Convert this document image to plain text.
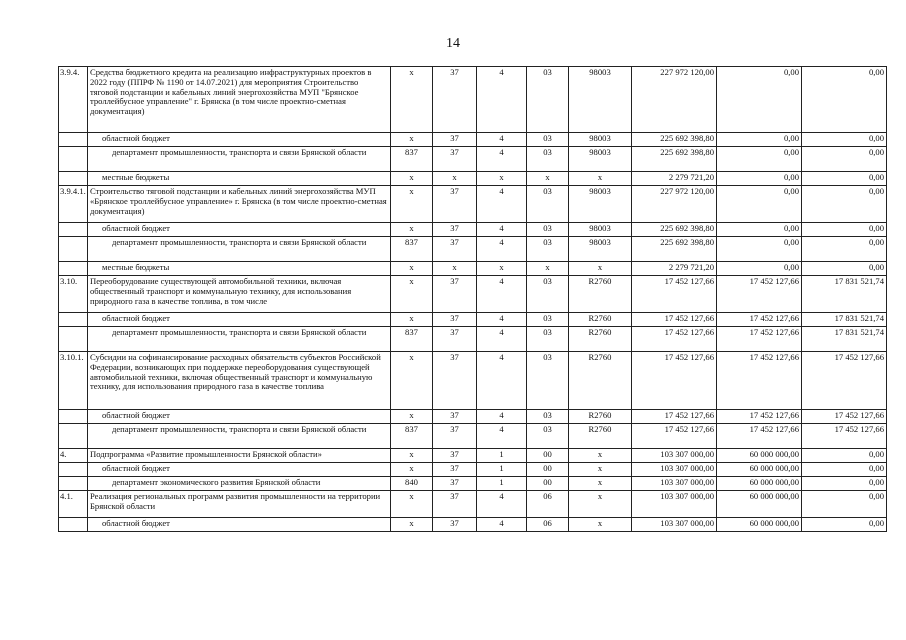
14
3.9.4.	Средства бюджетного кредита на реализацию инфраструктурных проектов в 2022 году (ППРФ № 1190 от 14.07.2021) для мероприятия Строительство тяговой подстанции и кабельных линий энергохозяйства МУП "Брянское троллейбусное управление" г. Брянска (в том числе проектно-сметная документация)	х	37	4	03	98003	227 972 120,00	0,00	0,00
	областной бюджет	х	37	4	03	98003	225 692 398,80	0,00	0,00
	департамент промышленности, транспорта и связи Брянской области	837	37	4	03	98003	225 692 398,80	0,00	0,00
	местные бюджеты	х	х	х	х	х	2 279 721,20	0,00	0,00
3.9.4.1.	Строительство тяговой подстанции и кабельных линий энергохозяйства МУП «Брянское троллейбусное управление» г. Брянска (в том числе проектно-сметная документация)	х	37	4	03	98003	227 972 120,00	0,00	0,00
	областной бюджет	х	37	4	03	98003	225 692 398,80	0,00	0,00
	департамент промышленности, транспорта и связи Брянской области	837	37	4	03	98003	225 692 398,80	0,00	0,00
	местные бюджеты	х	х	х	х	х	2 279 721,20	0,00	0,00
3.10.	Переоборудование существующей автомобильной техники, включая общественный транспорт и коммунальную технику, для использования природного газа в качестве топлива, в том числе	х	37	4	03	R2760	17 452 127,66	17 452 127,66	17 831 521,74
	областной бюджет	х	37	4	03	R2760	17 452 127,66	17 452 127,66	17 831 521,74
	департамент промышленности, транспорта и связи Брянской области	837	37	4	03	R2760	17 452 127,66	17 452 127,66	17 831 521,74
3.10.1.	Субсидии на софинансирование расходных обязательств субъектов Российской Федерации, возникающих при поддержке переоборудования существующей автомобильной техники, включая общественный транспорт и коммунальную технику, для использования природного газа в качестве топлива	х	37	4	03	R2760	17 452 127,66	17 452 127,66	17 452 127,66
	областной бюджет	х	37	4	03	R2760	17 452 127,66	17 452 127,66	17 452 127,66
	департамент промышленности, транспорта и связи Брянской области	837	37	4	03	R2760	17 452 127,66	17 452 127,66	17 452 127,66
4.	Подпрограмма «Развитие промышленности Брянской области»	х	37	1	00	х	103 307 000,00	60 000 000,00	0,00
	областной бюджет	х	37	1	00	х	103 307 000,00	60 000 000,00	0,00
	департамент экономического развития Брянской области	840	37	1	00	х	103 307 000,00	60 000 000,00	0,00
4.1.	Реализация региональных программ развития промышленности на территории Брянской области	х	37	4	06	х	103 307 000,00	60 000 000,00	0,00
	областной бюджет	х	37	4	06	х	103 307 000,00	60 000 000,00	0,00
